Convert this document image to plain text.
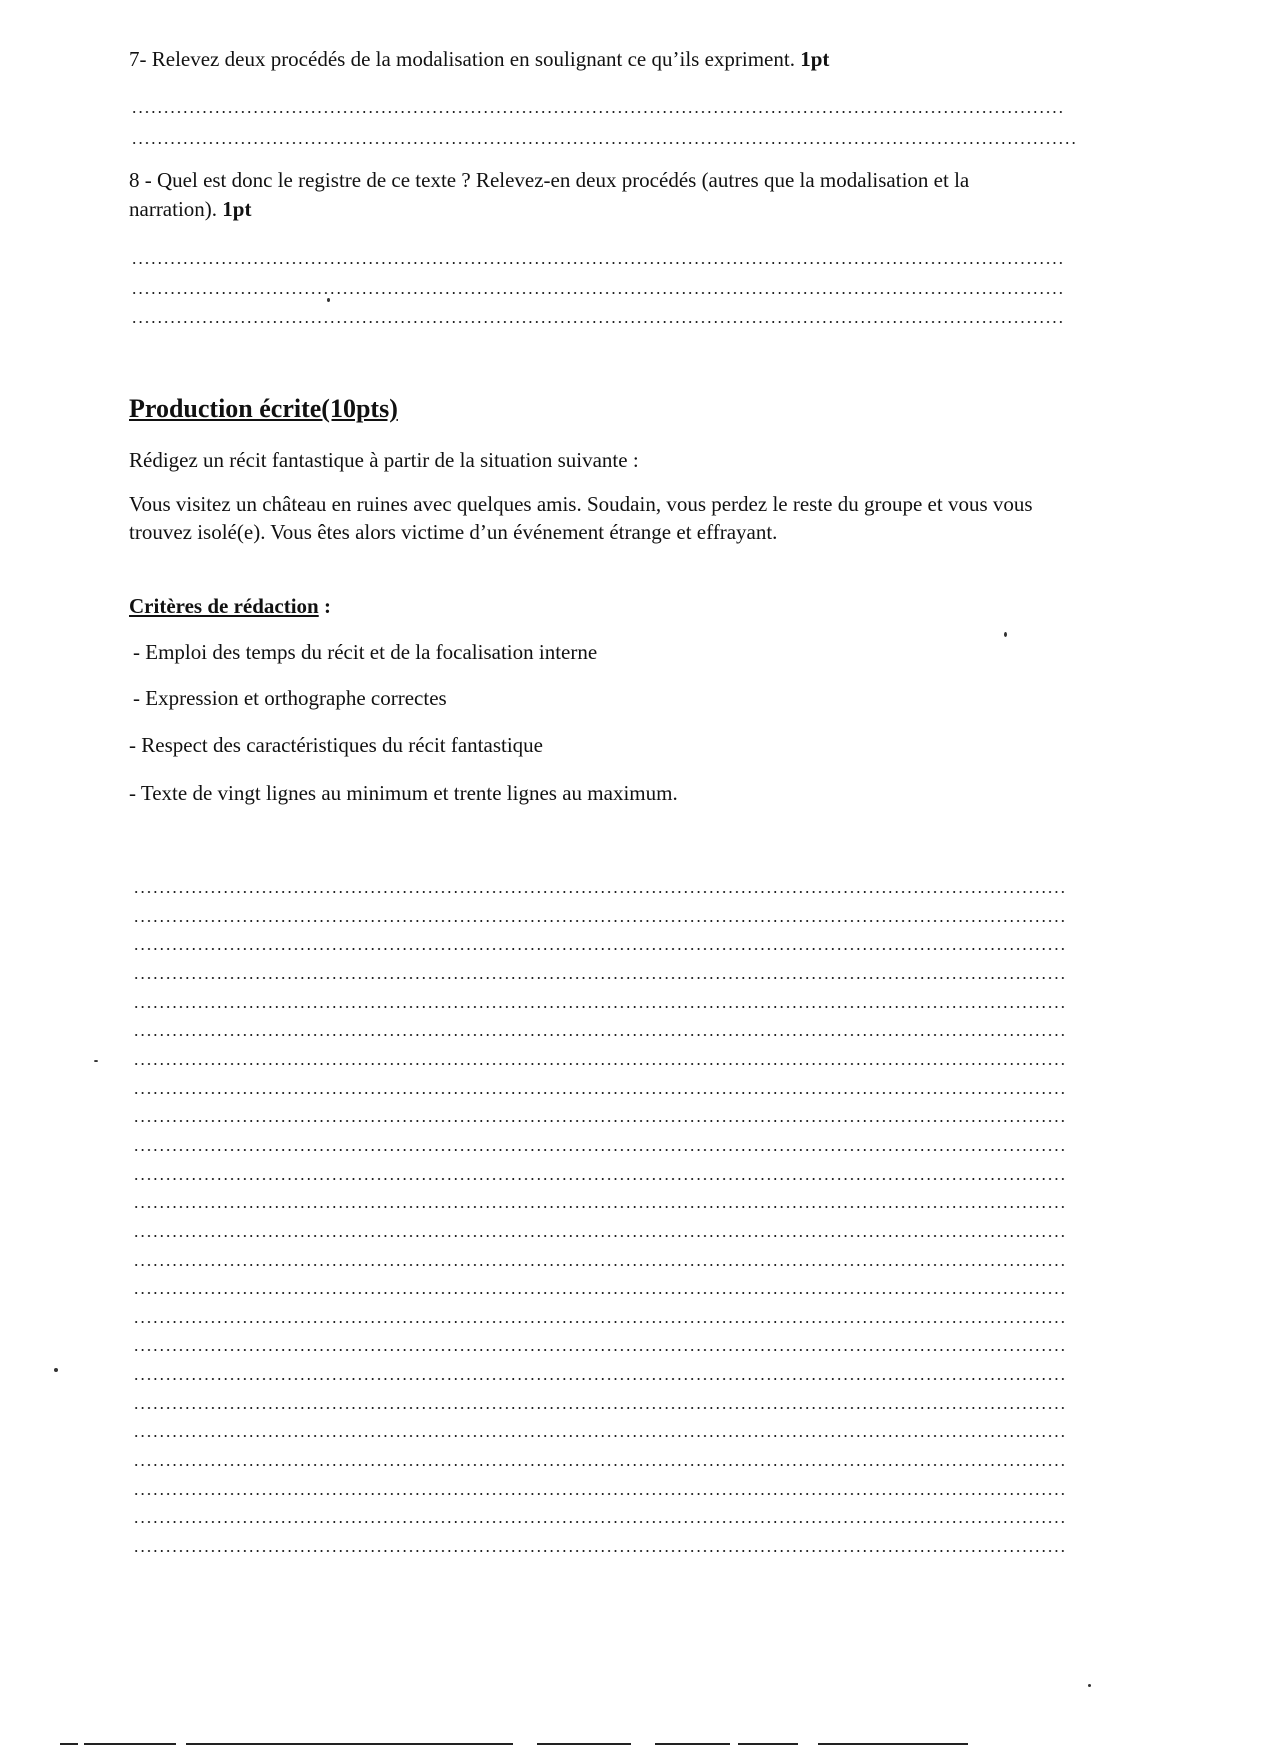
7- Relevez deux procédés de la modalisation en soulignant ce qu’ils expriment. 1pt

8 - Quel est donc le registre de ce texte ? Relevez-en deux procédés (autres que la modalisation et la narration). 1pt

Production écrite(10pts)

Rédigez un récit fantastique à partir de la situation suivante :

Vous visitez un château en ruines avec quelques amis. Soudain, vous perdez le reste du groupe et vous vous trouvez isolé(e). Vous êtes alors victime d’un événement étrange et effrayant.

Critères de rédaction :

- Emploi des temps du récit et de la focalisation interne

- Expression et orthographe correctes

- Respect des caractéristiques du récit fantastique

- Texte de vingt lignes au minimum et trente lignes au maximum.
